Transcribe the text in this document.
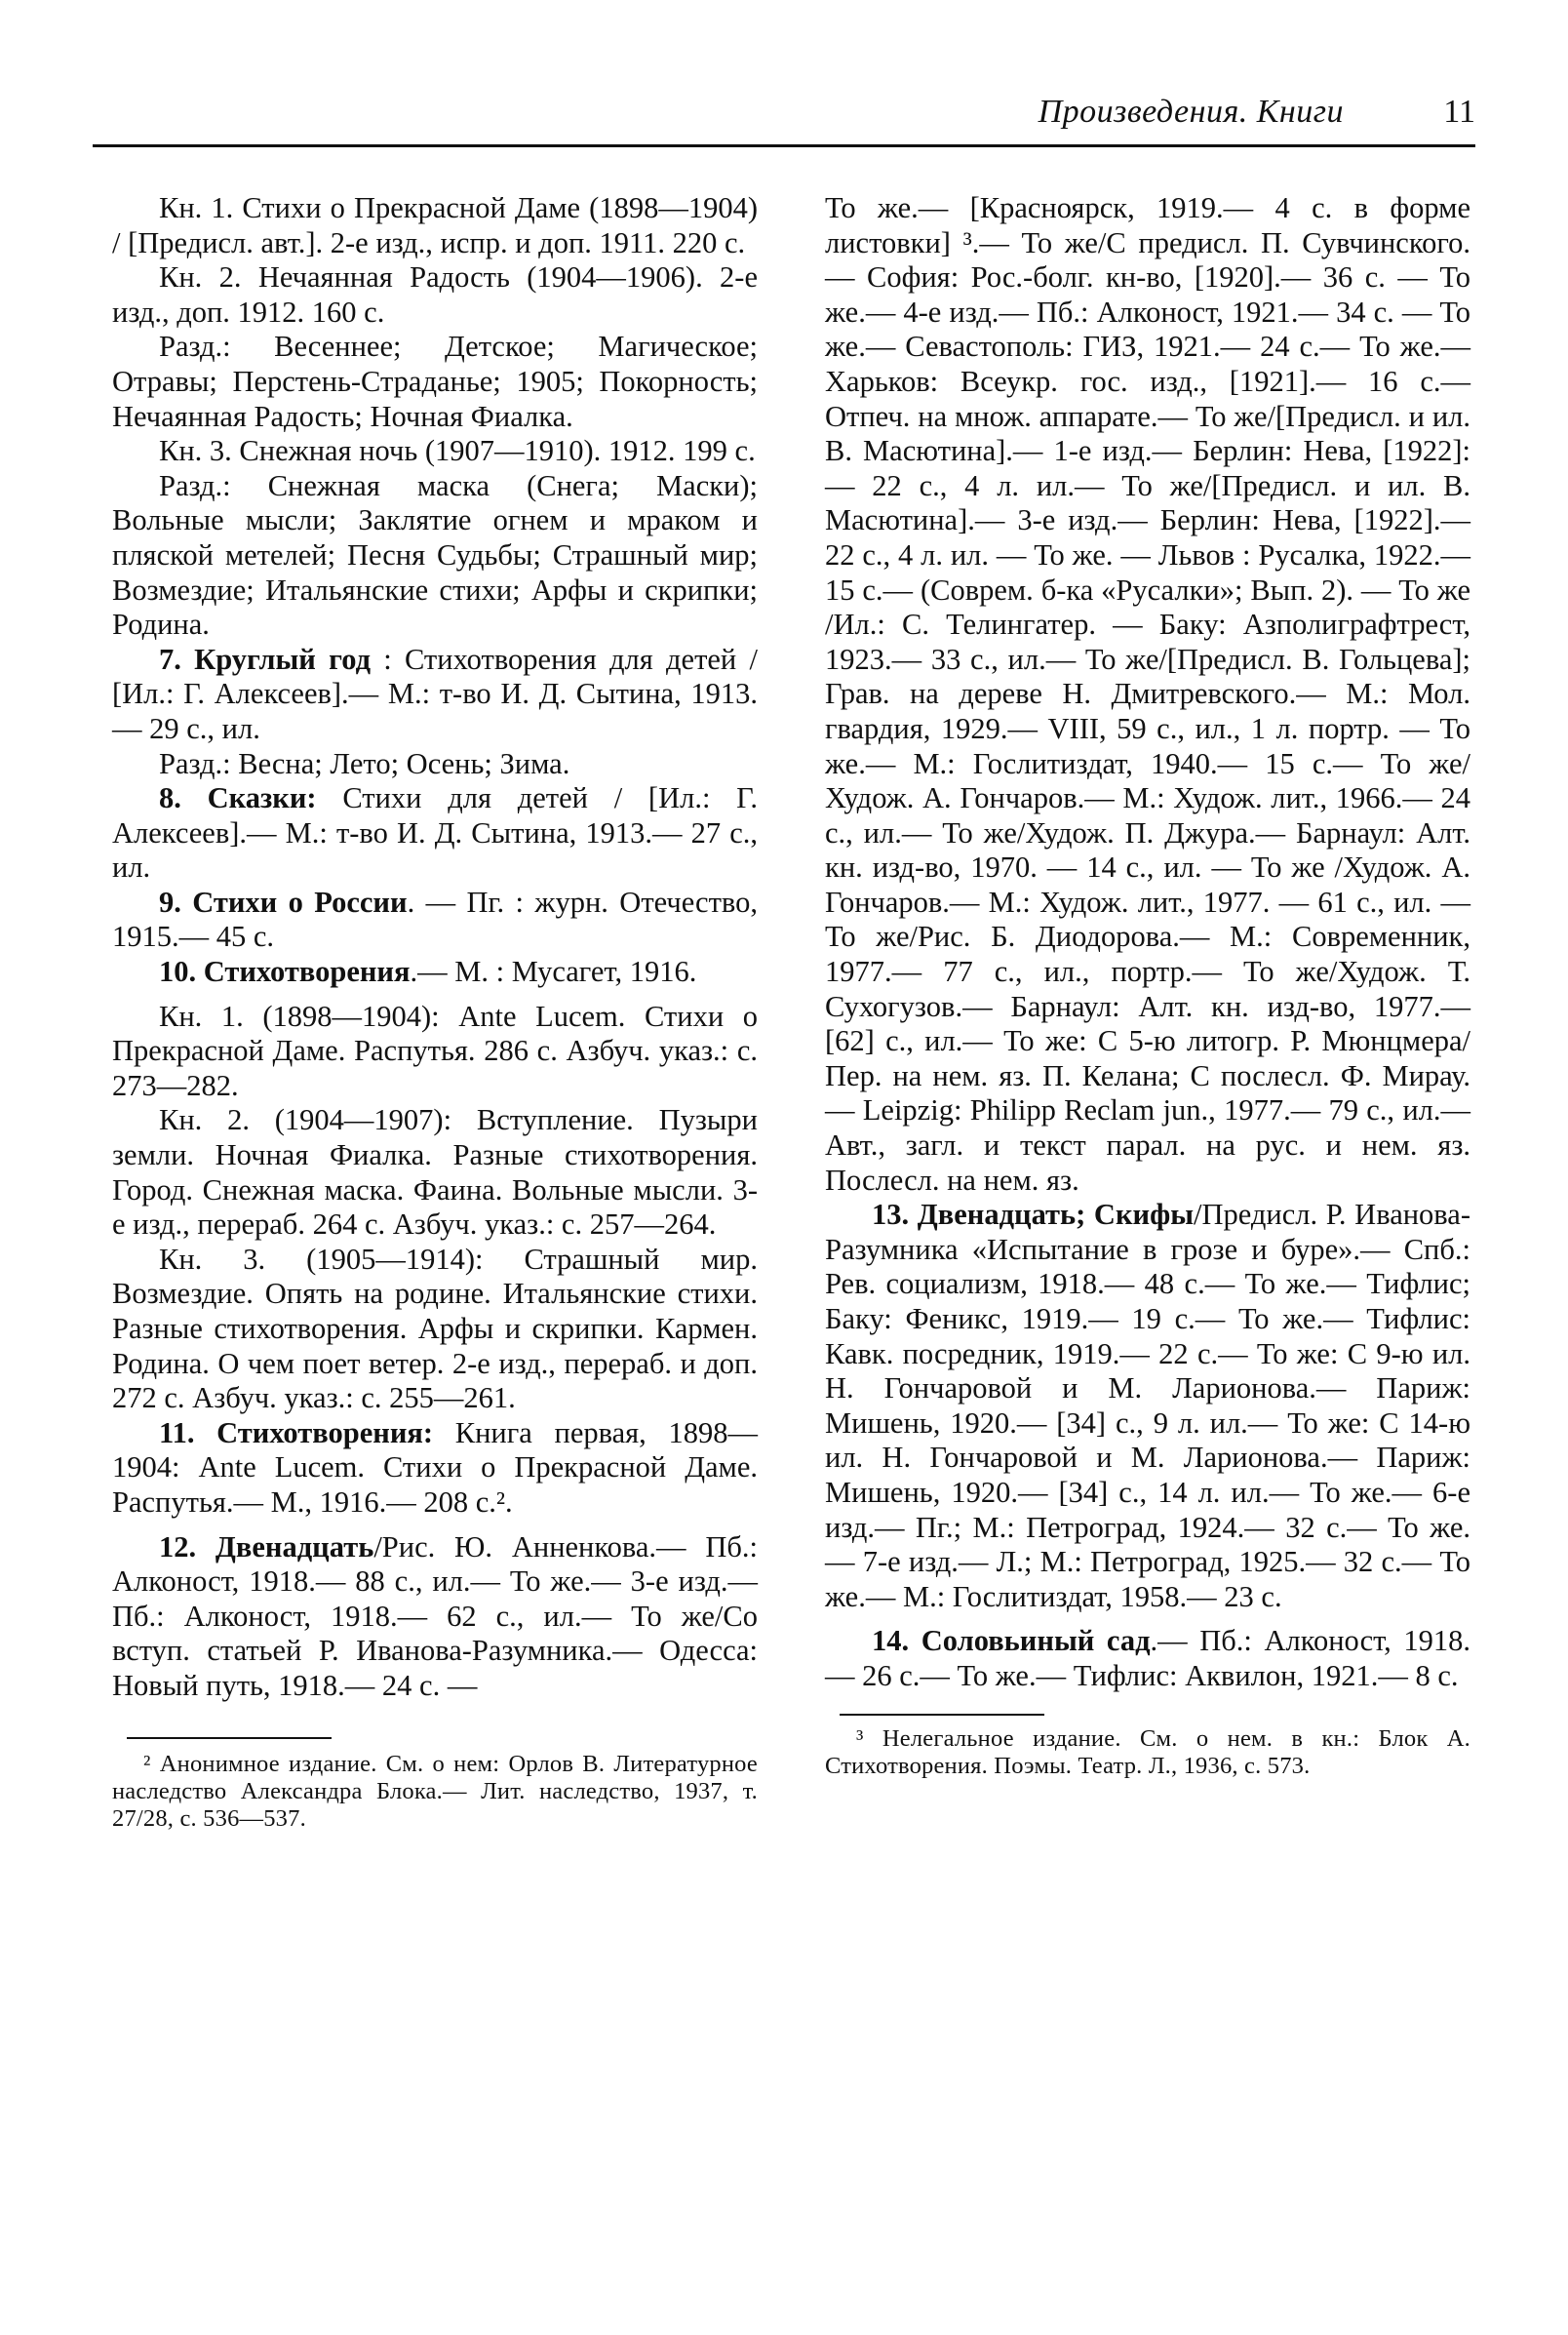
Произведения. Книги	11

Кн. 1. Стихи о Прекрасной Даме (1898—1904) / [Предисл. авт.]. 2-е изд., испр. и доп. 1911. 220 с.

Кн. 2. Нечаянная Радость (1904—1906). 2-е изд., доп. 1912. 160 с.

Разд.: Весеннее; Детское; Магическое; Отравы; Перстень-Страданье; 1905; Покорность; Нечаянная Радость; Ночная Фиалка.

Кн. 3. Снежная ночь (1907—1910). 1912. 199 с.

Разд.: Снежная маска (Снега; Маски); Вольные мысли; Заклятие огнем и мраком и пляской метелей; Песня Судьбы; Страшный мир; Возмездие; Итальянские стихи; Арфы и скрипки; Родина.

7. Круглый год : Стихотворения для детей / [Ил.: Г. Алексеев].— М.: т-во И. Д. Сытина, 1913.— 29 с., ил.

Разд.: Весна; Лето; Осень; Зима.

8. Сказки: Стихи для детей / [Ил.: Г. Алексеев].— М.: т-во И. Д. Сытина, 1913.— 27 с., ил.

9. Стихи о России. — Пг. : журн. Отечество, 1915.— 45 с.

10. Стихотворения.— М. : Мусагет, 1916.

Кн. 1. (1898—1904): Ante Lucem. Стихи о Прекрасной Даме. Распутья. 286 с. Азбуч. указ.: с. 273—282.

Кн. 2. (1904—1907): Вступление. Пузыри земли. Ночная Фиалка. Разные стихотворения. Город. Снежная маска. Фаина. Вольные мысли. 3-е изд., перераб. 264 с. Азбуч. указ.: с. 257—264.

Кн. 3. (1905—1914): Страшный мир. Возмездие. Опять на родине. Итальянские стихи. Разные стихотворения. Арфы и скрипки. Кармен. Родина. О чем поет ветер. 2-е изд., перераб. и доп. 272 с. Азбуч. указ.: с. 255—261.

11. Стихотворения: Книга первая, 1898—1904: Ante Lucem. Стихи о Прекрасной Даме. Распутья.— М., 1916.— 208 с.².

12. Двенадцать/Рис. Ю. Анненкова.— Пб.: Алконост, 1918.— 88 с., ил.— То же.— 3-е изд.— Пб.: Алконост, 1918.— 62 с., ил.— То же/Со вступ. статьей Р. Иванова-Разумника.— Одесса: Новый путь, 1918.— 24 с. —

² Анонимное издание. См. о нем: Орлов В. Литературное наследство Александра Блока.— Лит. наследство, 1937, т. 27/28, с. 536—537.

То же.— [Красноярск, 1919.— 4 с. в форме листовки] ³.— То же/С предисл. П. Сувчинского.— София: Рос.-болг. кн-во, [1920].— 36 с. — То же.— 4-е изд.— Пб.: Алконост, 1921.— 34 с. — То же.— Севастополь: ГИЗ, 1921.— 24 с.— То же.— Харьков: Всеукр. гос. изд., [1921].— 16 с.— Отпеч. на множ. аппарате.— То же/[Предисл. и ил. В. Масютина].— 1-е изд.— Берлин: Нева, [1922]: — 22 с., 4 л. ил.— То же/[Предисл. и ил. В. Масютина].— 3-е изд.— Берлин: Нева, [1922].— 22 с., 4 л. ил. — То же. — Львов : Русалка, 1922.— 15 с.— (Соврем. б-ка «Русалки»; Вып. 2). — То же /Ил.: С. Телингатер. — Баку: Азполиграфтрест, 1923.— 33 с., ил.— То же/[Предисл. В. Гольцева]; Грав. на дереве Н. Дмитревского.— М.: Мол. гвардия, 1929.— VIII, 59 с., ил., 1 л. портр. — То же.— М.: Гослитиздат, 1940.— 15 с.— То же/Худож. А. Гончаров.— М.: Худож. лит., 1966.— 24 с., ил.— То же/Худож. П. Джура.— Барнаул: Алт. кн. изд-во, 1970. — 14 с., ил. — То же /Худож. А. Гончаров.— М.: Худож. лит., 1977. — 61 с., ил. — То же/Рис. Б. Диодорова.— М.: Современник, 1977.— 77 с., ил., портр.— То же/Худож. Т. Сухогузов.— Барнаул: Алт. кн. изд-во, 1977.— [62] с., ил.— То же: С 5-ю литогр. Р. Мюнцмера/Пер. на нем. яз. П. Келана; С послесл. Ф. Мирау. — Leipzig: Philipp Reclam jun., 1977.— 79 с., ил.— Авт., загл. и текст парал. на рус. и нем. яз. Послесл. на нем. яз.

13. Двенадцать; Скифы/Предисл. Р. Иванова-Разумника «Испытание в грозе и буре».— Спб.: Рев. социализм, 1918.— 48 с.— То же.— Тифлис; Баку: Феникс, 1919.— 19 с.— То же.— Тифлис: Кавк. посредник, 1919.— 22 с.— То же: С 9-ю ил. Н. Гончаровой и М. Ларионова.— Париж: Мишень, 1920.— [34] с., 9 л. ил.— То же: С 14-ю ил. Н. Гончаровой и М. Ларионова.— Париж: Мишень, 1920.— [34] с., 14 л. ил.— То же.— 6-е изд.— Пг.; М.: Петроград, 1924.— 32 с.— То же.— 7-е изд.— Л.; М.: Петроград, 1925.— 32 с.— То же.— М.: Гослитиздат, 1958.— 23 с.

14. Соловьиный сад.— Пб.: Алконост, 1918.— 26 с.— То же.— Тифлис: Аквилон, 1921.— 8 с.

³ Нелегальное издание. См. о нем. в кн.: Блок А. Стихотворения. Поэмы. Театр. Л., 1936, с. 573.
